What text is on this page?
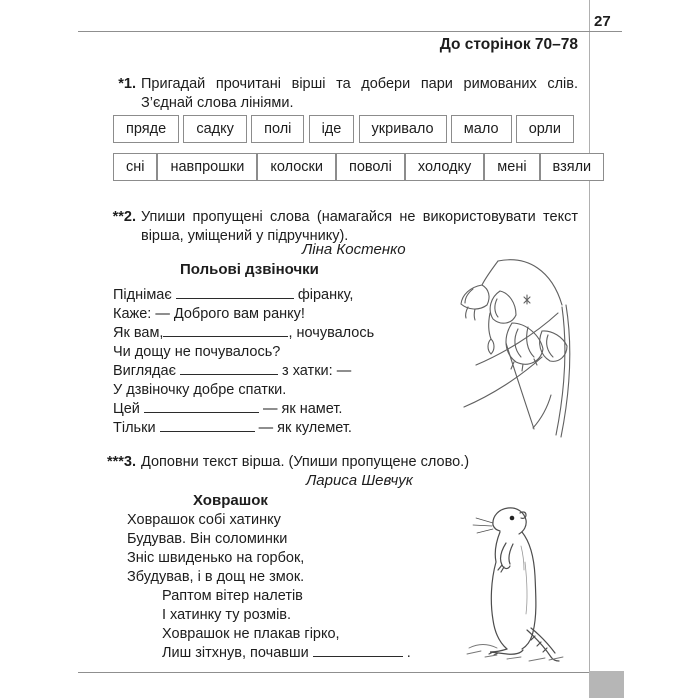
27
До сторінок 70–78
*1. Пригадай прочитані вірші та добери пари римованих слів. З’єднай слова лініями.
пряде	садку	полі	іде	укривало	мало	орли
сні	навпрошки	колоски	поволі	холодку	мені	взяли
**2. Упиши пропущені слова (намагайся не використовувати текст вірша, уміщений у підручнику).
Ліна Костенко
Польові дзвіночки
Піднімає	фіранку,
Каже: — Доброго вам ранку!
Як вам,	, ночувалось
Чи дощу не почувалось?
Виглядає	з хатки: —
У дзвіночку добре спатки.
Цей	— як намет.
Тільки	— як кулемет.
***3. Доповни текст вірша. (Упиши пропущене слово.)
Лариса Шевчук
Ховрашок
Ховрашок собі хатинку
Будував. Він соломинки
Зніс швиденько на горбок,
Збудував, і в дощ не змок.
Раптом вітер налетів
І хатинку ту розмів.
Ховрашок не плакав гірко,
Лиш зітхнув, почавши	.
